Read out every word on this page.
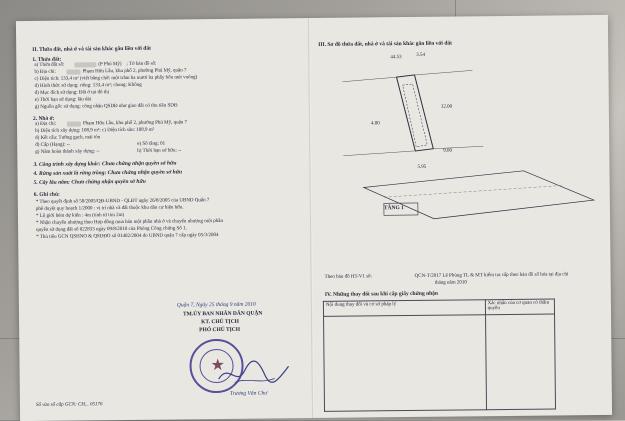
II. Thửa đất, nhà ở và tài sản khác gắn liền với đất
1. Thửa đất:
a) Thửa đất số:	(P Phú Mỹ) ; Tờ bản đồ số:
b) Địa chỉ:	Phạm Hữu Lầu, khu phố 2, phường Phú Mỹ, quận 7
c) Diện tích: 133,4 m² (viết bằng chữ: một trăm ba mươi ba phẩy bốn mét vuông)
d) Hình thức sử dụng: riêng: 133,4 m²; chung: Không
đ) Mục đích sử dụng: Đất ở tại đô thị
e) Thời hạn sử dụng: lâu dài
g) Nguồn gốc sử dụng: công nhận QSDĐ như giao đất có thu tiền SDĐ
2. Nhà ở:
a) Địa chỉ:	Phạm Hữu Lầu, khu phố 2, phường Phú Mỹ, quận 7
b) Diện tích xây dựng: 108,9 m²; c) Diện tích sàn: 108,9 m²
d) Kết cấu: Tường gạch, mái tôn
đ) Cấp (Hạng): --	e) Số tầng: 01
g) Năm hoàn thành xây dựng: --	h) Thời hạn sở hữu: --
3. Công trình xây dựng khác: Chưa chứng nhận quyền sở hữu
4. Rừng sản xuất là rừng trồng: Chưa chứng nhận quyền sở hữu
5. Cây lâu năm: Chưa chứng nhận quyền sở hữu
6. Ghi chú:
* Theo quyết định số 58/2005/QĐ-UBND - QLĐT ngày 26/8/2005 của UBND Quận 7
phê duyệt quy hoạch 1/2000 : vị trí nhà và đất thuộc khu dân cư hiện hữu.
* Lộ giới hẻm dự kiến : 4m (tính từ tim 2m)
* Nhận chuyển nhượng theo Hợp đồng mua bán một phần nhà ở và chuyển nhượng một phần
quyền sử dụng đất số 022833 ngày 09/8/2010 của Phòng Công chứng Số 1.
* Thủ tiêu GCN QSHNO & QSDĐO số 01402/2004 do UBND quận 7 cấp ngày 05/3/2004
Quận 7, Ngày 25 tháng 9 năm 2010
TM.ỦY BAN NHÂN DÂN QUẬN
KT. CHỦ TỊCH
PHÓ CHỦ TỊCH
★
Trương Văn Chư
Số vào sổ cấp GCN: CH... 05176
III. Sơ đồ thửa đất, nhà ở và tài sản khác gắn liền với đất
44.53	3.54
4.00
12.00
9.00
5.95
TẦNG 1
Theo bản đồ HT-V1 số:	QCN-T/2017 Lê Phùng TL & MT kiểm tra cấp theo bản đồ số hóa tại địa chỉ
tháng năm 2010
IV. Những thay đổi sau khi cấp giấy chứng nhận
Nội dung thay đổi và cơ sở pháp lý	Xác nhận của cơ quan có thẩm quyền
